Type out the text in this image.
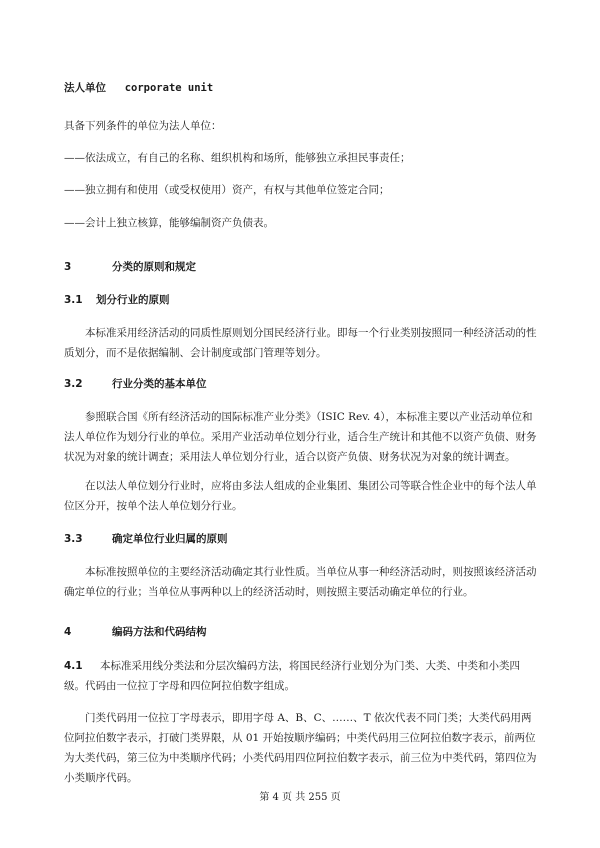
法人单位 corporate unit
具备下列条件的单位为法人单位：
——依法成立，有自己的名称、组织机构和场所，能够独立承担民事责任；
——独立拥有和使用（或受权使用）资产，有权与其他单位签定合同；
——会计上独立核算，能够编制资产负债表。
3	分类的原则和规定
3.1 划分行业的原则
本标准采用经济活动的同质性原则划分国民经济行业。即每一个行业类别按照同一种经济活动的性质划分，而不是依据编制、会计制度或部门管理等划分。
3.2	行业分类的基本单位
参照联合国《所有经济活动的国际标准产业分类》（ISIC Rev. 4），本标准主要以产业活动单位和法人单位作为划分行业的单位。采用产业活动单位划分行业，适合生产统计和其他不以资产负债、财务状况为对象的统计调查；采用法人单位划分行业，适合以资产负债、财务状况为对象的统计调查。
在以法人单位划分行业时，应将由多法人组成的企业集团、集团公司等联合性企业中的每个法人单位区分开，按单个法人单位划分行业。
3.3	确定单位行业归属的原则
本标准按照单位的主要经济活动确定其行业性质。当单位从事一种经济活动时，则按照该经济活动确定单位的行业；当单位从事两种以上的经济活动时，则按照主要活动确定单位的行业。
4	编码方法和代码结构
4.1 本标准采用线分类法和分层次编码方法，将国民经济行业划分为门类、大类、中类和小类四级。代码由一位拉丁字母和四位阿拉伯数字组成。
门类代码用一位拉丁字母表示，即用字母 A、B、C、……、T 依次代表不同门类；大类代码用两位阿拉伯数字表示，打破门类界限，从 01 开始按顺序编码；中类代码用三位阿拉伯数字表示，前两位为大类代码，第三位为中类顺序代码；小类代码用四位阿拉伯数字表示，前三位为中类代码，第四位为小类顺序代码。
第 4 页 共 255 页
